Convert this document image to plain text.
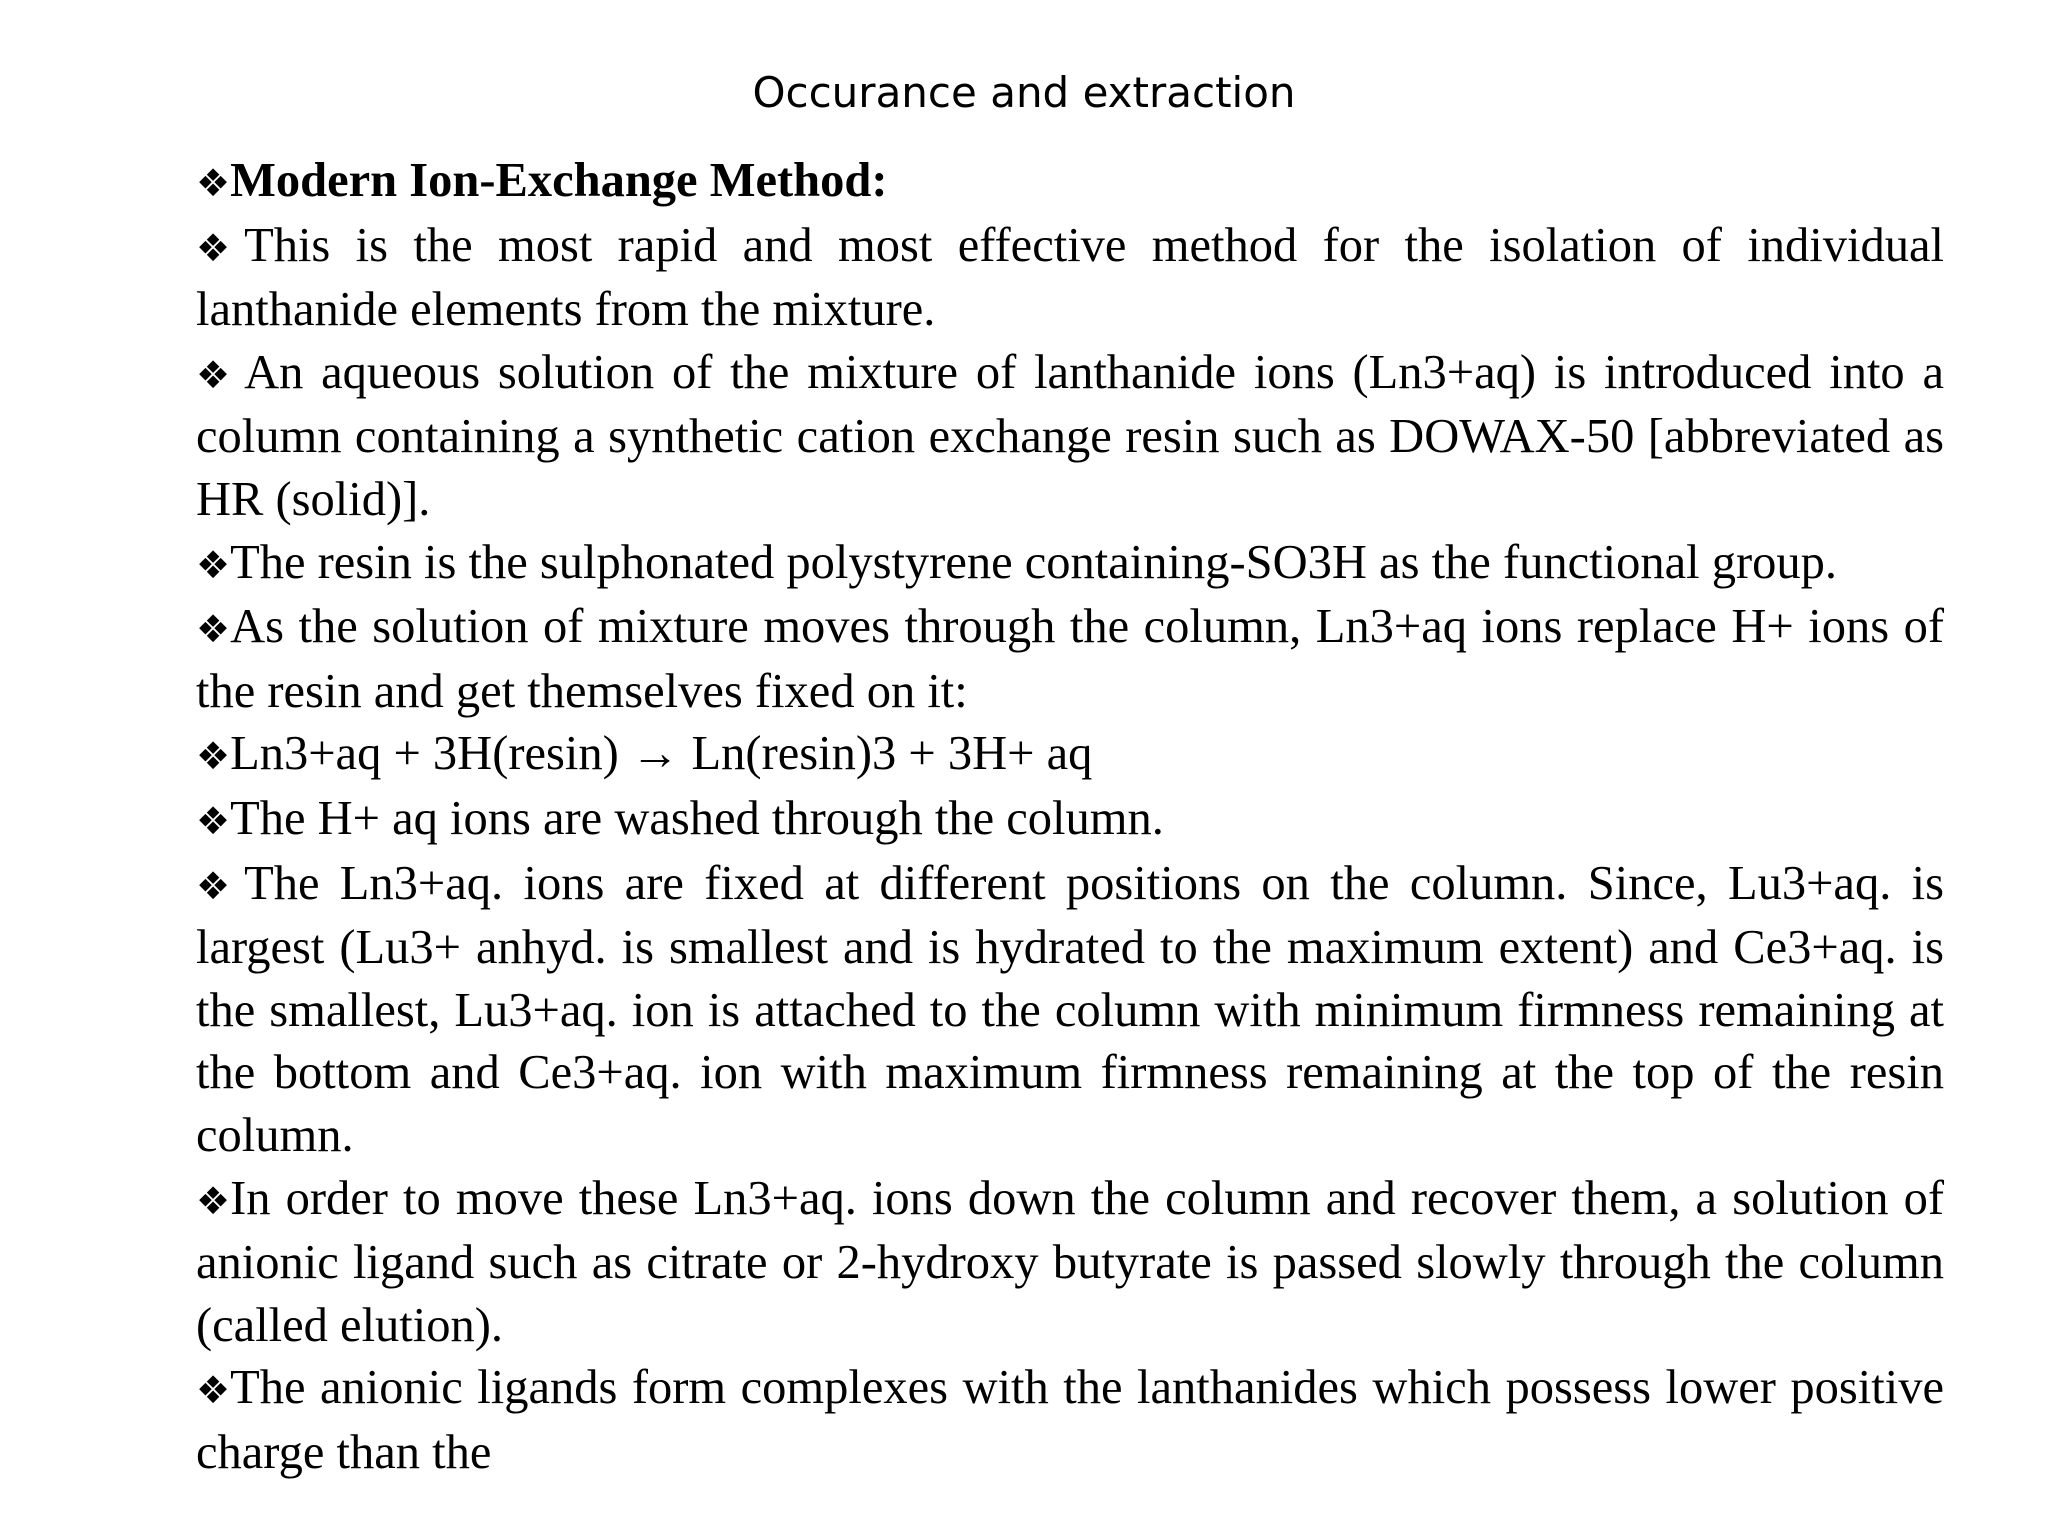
Occurance and extraction

❖Modern Ion-Exchange Method:

❖ This is the most rapid and most effective method for the isolation of individual lanthanide elements from the mixture.

❖ An aqueous solution of the mixture of lanthanide ions (Ln3+aq) is introduced into a column containing a synthetic cation exchange resin such as DOWAX-50 [abbreviated as HR (solid)].

❖The resin is the sulphonated polystyrene containing-SO3H as the functional group.

❖As the solution of mixture moves through the column, Ln3+aq ions replace H+ ions of the resin and get themselves fixed on it:

❖Ln3+aq + 3H(resin) → Ln(resin)3 + 3H+ aq

❖The H+ aq ions are washed through the column.

❖ The Ln3+aq. ions are fixed at different positions on the column. Since, Lu3+aq. is largest (Lu3+ anhyd. is smallest and is hydrated to the maximum extent) and Ce3+aq. is the smallest, Lu3+aq. ion is attached to the column with minimum firmness remaining at the bottom and Ce3+aq. ion with maximum firmness remaining at the top of the resin column.

❖In order to move these Ln3+aq. ions down the column and recover them, a solution of anionic ligand such as citrate or 2-hydroxy butyrate is passed slowly through the column (called elution).

❖The anionic ligands form complexes with the lanthanides which possess lower positive charge than the
